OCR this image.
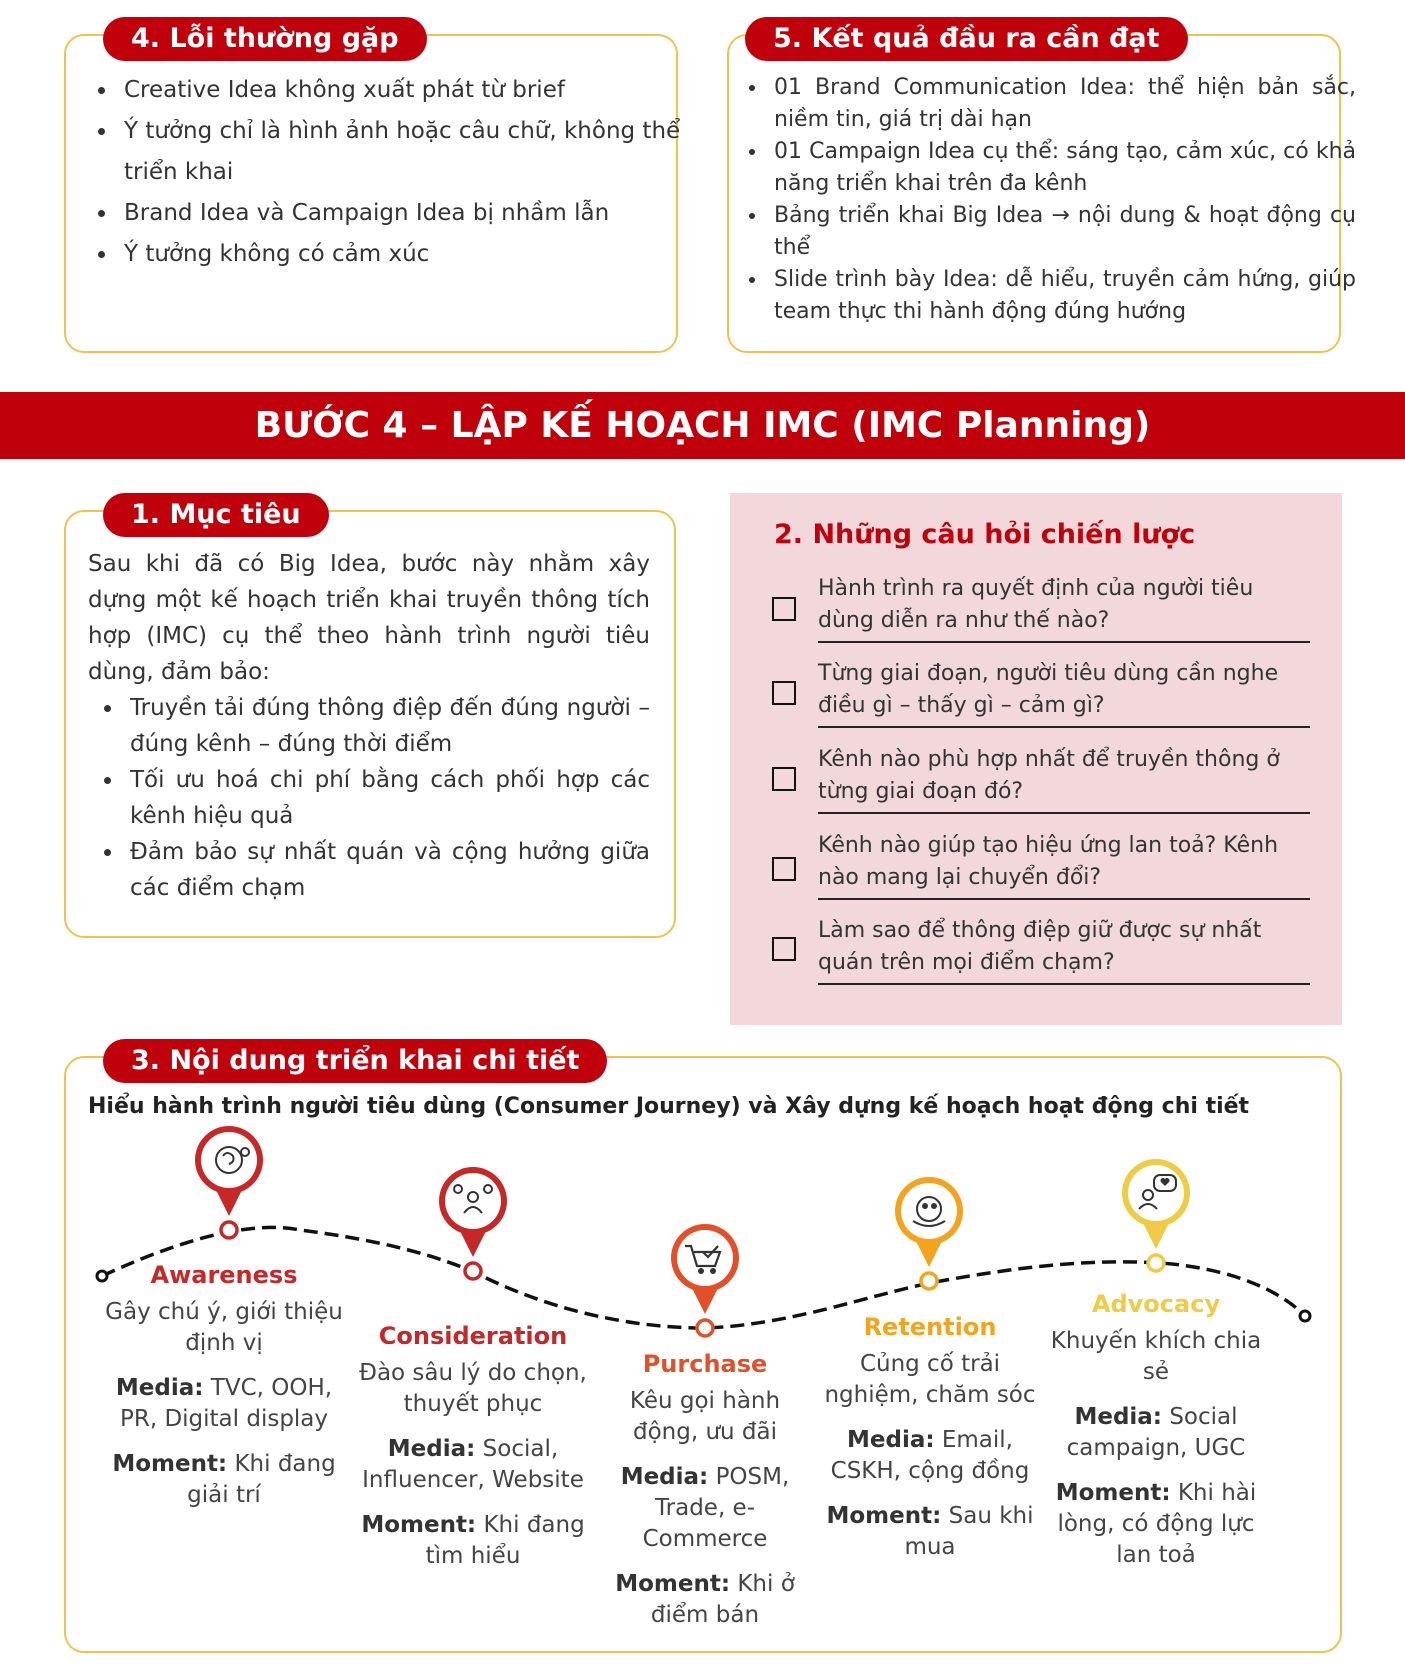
4. Lỗi thường gặp
• Creative Idea không xuất phát từ brief
• Ý tưởng chỉ là hình ảnh hoặc câu chữ, không thể triển khai
• Brand Idea và Campaign Idea bị nhầm lẫn
• Ý tưởng không có cảm xúc
5. Kết quả đầu ra cần đạt
• 01 Brand Communication Idea: thể hiện bản sắc, niềm tin, giá trị dài hạn
• 01 Campaign Idea cụ thể: sáng tạo, cảm xúc, có khả năng triển khai trên đa kênh
• Bảng triển khai Big Idea → nội dung & hoạt động cụ thể
• Slide trình bày Idea: dễ hiểu, truyền cảm hứng, giúp team thực thi hành động đúng hướng
BƯỚC 4 – LẬP KẾ HOẠCH IMC (IMC Planning)
1. Mục tiêu
Sau khi đã có Big Idea, bước này nhằm xây dựng một kế hoạch triển khai truyền thông tích hợp (IMC) cụ thể theo hành trình người tiêu dùng, đảm bảo:
• Truyền tải đúng thông điệp đến đúng người – đúng kênh – đúng thời điểm
• Tối ưu hoá chi phí bằng cách phối hợp các kênh hiệu quả
• Đảm bảo sự nhất quán và cộng hưởng giữa các điểm chạm
2. Những câu hỏi chiến lược
Hành trình ra quyết định của người tiêu dùng diễn ra như thế nào?
Từng giai đoạn, người tiêu dùng cần nghe điều gì – thấy gì – cảm gì?
Kênh nào phù hợp nhất để truyền thông ở từng giai đoạn đó?
Kênh nào giúp tạo hiệu ứng lan toả? Kênh nào mang lại chuyển đổi?
Làm sao để thông điệp giữ được sự nhất quán trên mọi điểm chạm?
3. Nội dung triển khai chi tiết
Hiểu hành trình người tiêu dùng (Consumer Journey) và Xây dựng kế hoạch hoạt động chi tiết
Awareness

Gây chú ý, giới thiệu định vị

Media: TVC, OOH, PR, Digital display

Moment: Khi đang giải trí

Consideration

Đào sâu lý do chọn, thuyết phục

Media: Social, Influencer, Website

Moment: Khi đang tìm hiểu

Purchase

Kêu gọi hành động, ưu đãi

Media: POSM, Trade, e-Commerce

Moment: Khi ở điểm bán

Retention

Củng cố trải nghiệm, chăm sóc

Media: Email, CSKH, cộng đồng

Moment: Sau khi mua

Advocacy

Khuyến khích chia sẻ

Media: Social campaign, UGC

Moment: Khi hài lòng, có động lực lan toả
